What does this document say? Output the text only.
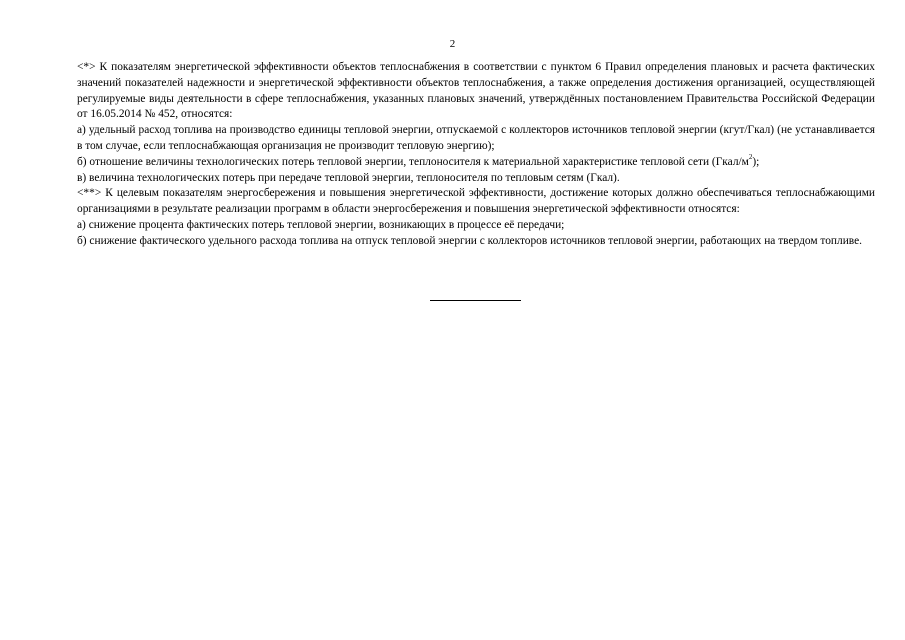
2

<*> К показателям энергетической эффективности объектов теплоснабжения в соответствии с пунктом 6 Правил определения плановых и расчета фактических значений показателей надежности и энергетической эффективности объектов теплоснабжения, а также определения достижения организацией, осуществляющей регулируемые виды деятельности в сфере теплоснабжения, указанных плановых значений, утверждённых постановлением Правительства Российской Федерации от 16.05.2014 № 452, относятся:

а) удельный расход топлива на производство единицы тепловой энергии, отпускаемой с коллекторов источников тепловой энергии (кгут/Гкал) (не устанавливается в том случае, если теплоснабжающая организация не производит тепловую энергию);

б) отношение величины технологических потерь тепловой энергии, теплоносителя к материальной характеристике тепловой сети $(Гкал/м^2)$;

в) величина технологических потерь при передаче тепловой энергии, теплоносителя по тепловым сетям (Гкал).

<**> К целевым показателям энергосбережения и повышения энергетической эффективности, достижение которых должно обеспечиваться теплоснабжающими организациями в результате реализации программ в области энергосбережения и повышения энергетической эффективности относятся:

а) снижение процента фактических потерь тепловой энергии, возникающих в процессе её передачи;

б) снижение фактического удельного расхода топлива на отпуск тепловой энергии с коллекторов источников тепловой энергии, работающих на твердом топливе.
